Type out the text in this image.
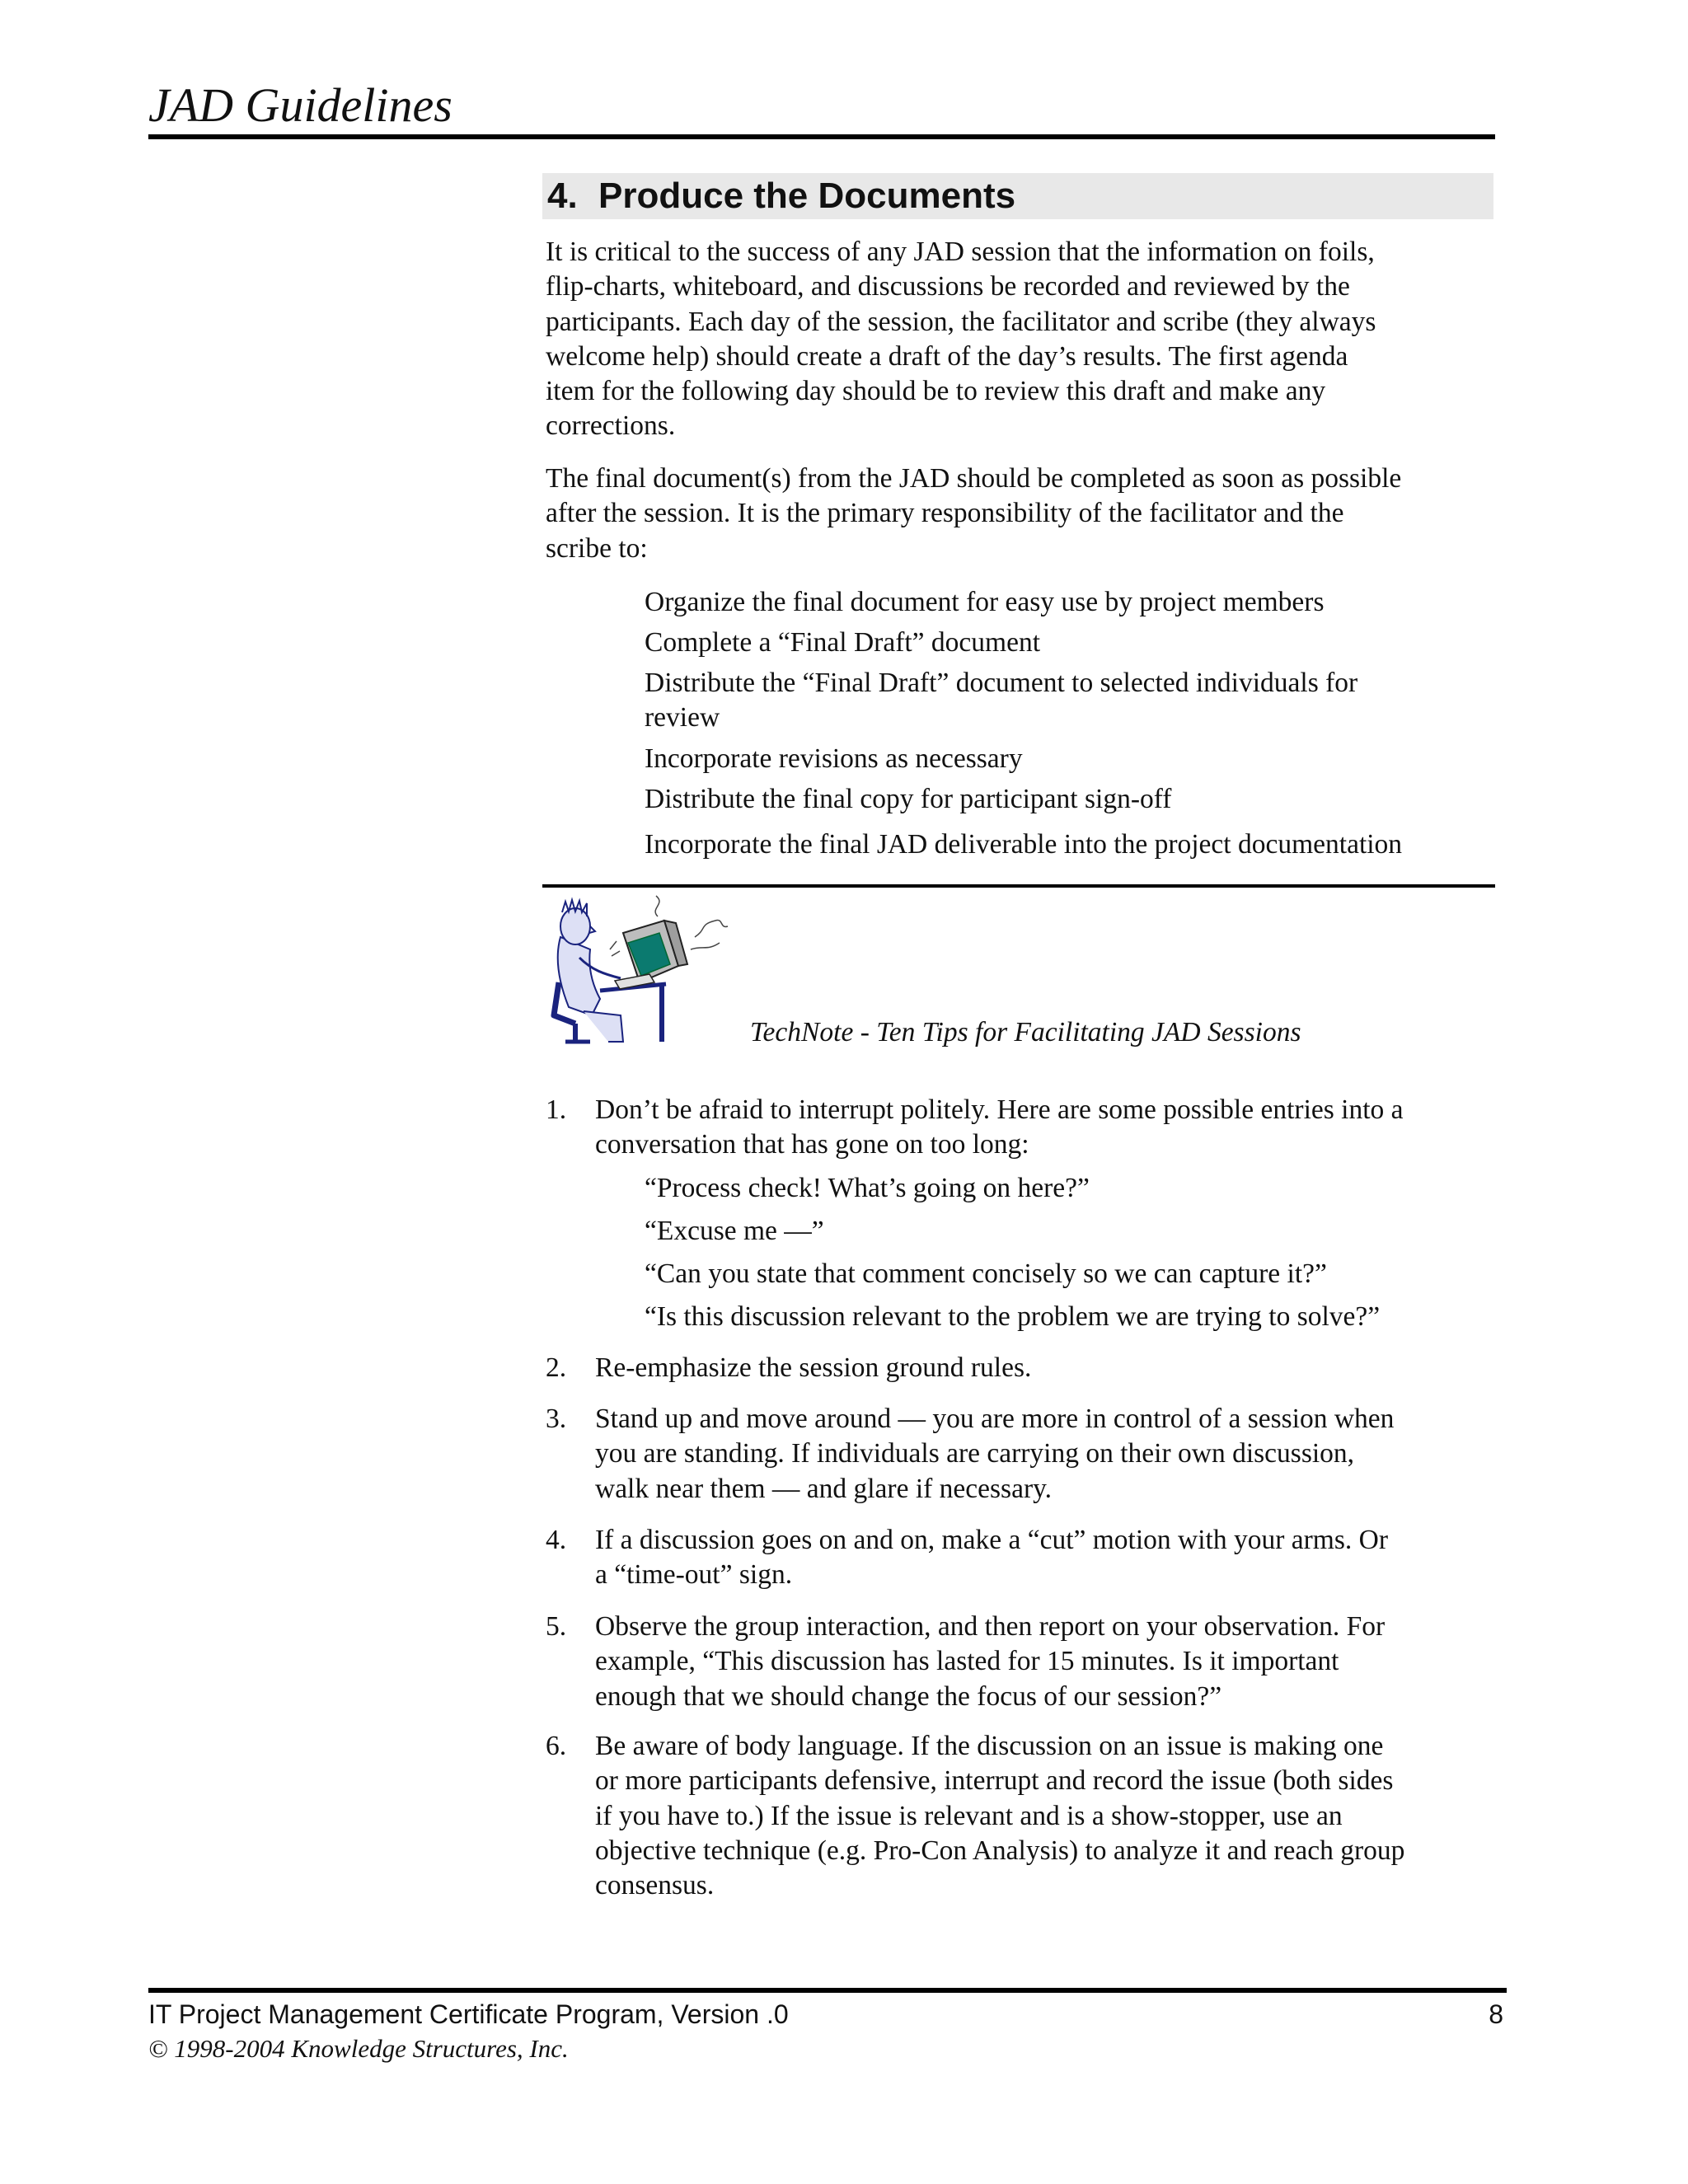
JAD Guidelines
4. Produce the Documents
It is critical to the success of any JAD session that the information on foils,
flip-charts, whiteboard, and discussions be recorded and reviewed by the
participants. Each day of the session, the facilitator and scribe (they always
welcome help) should create a draft of the day’s results. The first agenda
item for the following day should be to review this draft and make any
corrections.
The final document(s) from the JAD should be completed as soon as possible
after the session. It is the primary responsibility of the facilitator and the
scribe to:
Organize the final document for easy use by project members
Complete a “Final Draft” document
Distribute the “Final Draft” document to selected individuals for
review
Incorporate revisions as necessary
Distribute the final copy for participant sign-off
Incorporate the final JAD deliverable into the project documentation
TechNote - Ten Tips for Facilitating JAD Sessions
1. Don’t be afraid to interrupt politely. Here are some possible entries into a
conversation that has gone on too long:
“Process check! What’s going on here?”
“Excuse me —”
“Can you state that comment concisely so we can capture it?”
“Is this discussion relevant to the problem we are trying to solve?”
2. Re-emphasize the session ground rules.
3. Stand up and move around — you are more in control of a session when
you are standing. If individuals are carrying on their own discussion,
walk near them — and glare if necessary.
4. If a discussion goes on and on, make a “cut” motion with your arms. Or
a “time-out” sign.
5. Observe the group interaction, and then report on your observation. For
example, “This discussion has lasted for 15 minutes. Is it important
enough that we should change the focus of our session?”
6. Be aware of body language. If the discussion on an issue is making one
or more participants defensive, interrupt and record the issue (both sides
if you have to.) If the issue is relevant and is a show-stopper, use an
objective technique (e.g. Pro-Con Analysis) to analyze it and reach group
consensus.
IT Project Management Certificate Program, Version .0	8
© 1998-2004 Knowledge Structures, Inc.
